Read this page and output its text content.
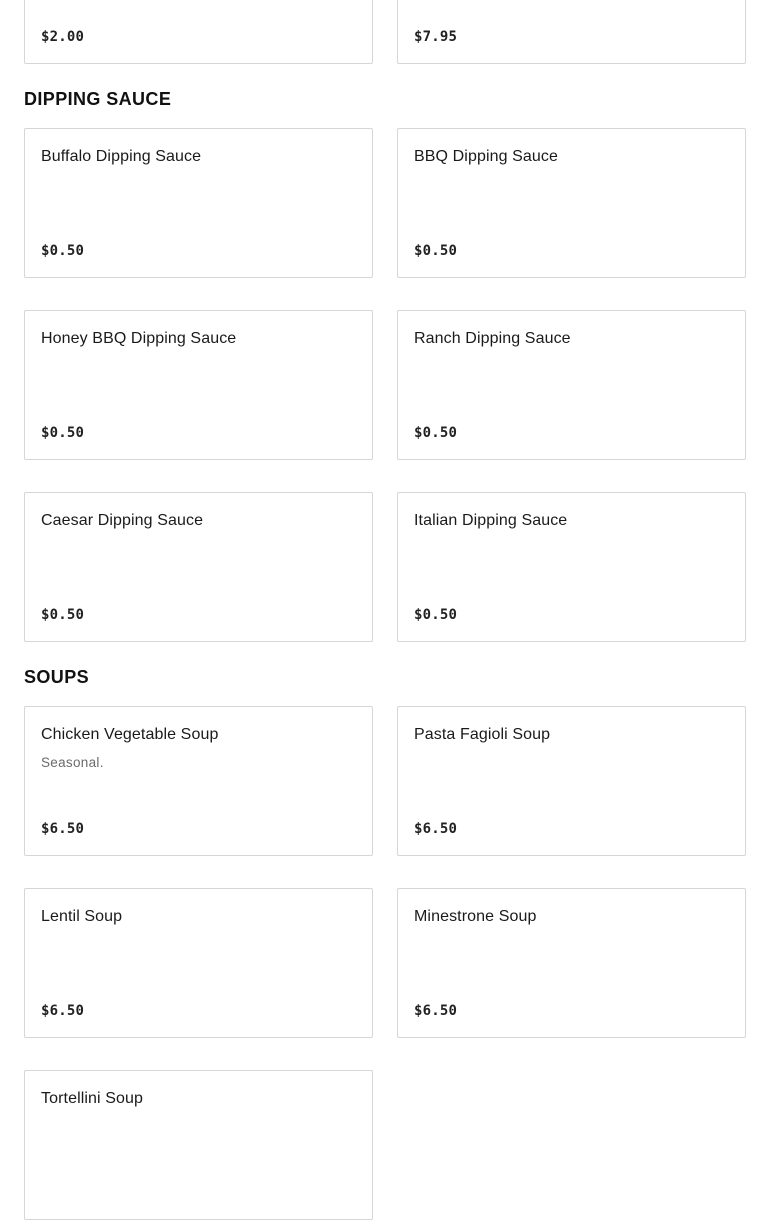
$2.00	$7.95
DIPPING SAUCE
Buffalo Dipping Sauce
$0.50
BBQ Dipping Sauce
$0.50
Honey BBQ Dipping Sauce
$0.50
Ranch Dipping Sauce
$0.50
Caesar Dipping Sauce
$0.50
Italian Dipping Sauce
$0.50
SOUPS
Chicken Vegetable Soup
Seasonal.
$6.50
Pasta Fagioli Soup
$6.50
Lentil Soup
$6.50
Minestrone Soup
$6.50
Tortellini Soup
